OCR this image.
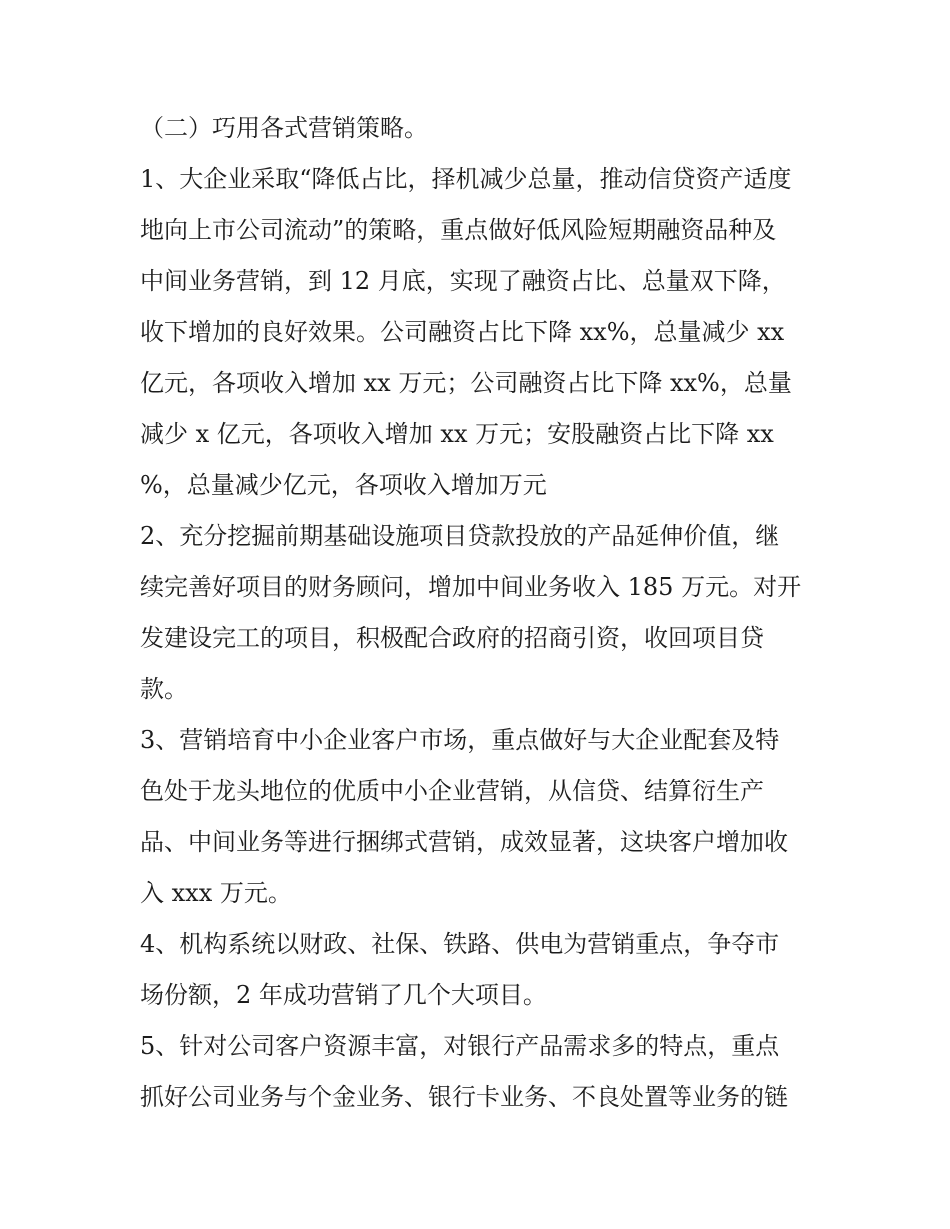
（二）巧用各式营销策略。
1、大企业采取“降低占比，择机减少总量，推动信贷资产适度
地向上市公司流动”的策略，重点做好低风险短期融资品种及
中间业务营销，到 12 月底，实现了融资占比、总量双下降，
收下增加的良好效果。公司融资占比下降 xx%，总量减少 xx
亿元，各项收入增加 xx 万元；公司融资占比下降 xx%，总量
减少 x 亿元，各项收入增加 xx 万元；安股融资占比下降 xx
%，总量减少亿元，各项收入增加万元
2、充分挖掘前期基础设施项目贷款投放的产品延伸价值，继
续完善好项目的财务顾问，增加中间业务收入 185 万元。对开
发建设完工的项目，积极配合政府的招商引资，收回项目贷
款。
3、营销培育中小企业客户市场，重点做好与大企业配套及特
色处于龙头地位的优质中小企业营销，从信贷、结算衍生产
品、中间业务等进行捆绑式营销，成效显著，这块客户增加收
入 xxx 万元。
4、机构系统以财政、社保、铁路、供电为营销重点，争夺市
场份额，2 年成功营销了几个大项目。
5、针对公司客户资源丰富，对银行产品需求多的特点，重点
抓好公司业务与个金业务、银行卡业务、不良处置等业务的链
